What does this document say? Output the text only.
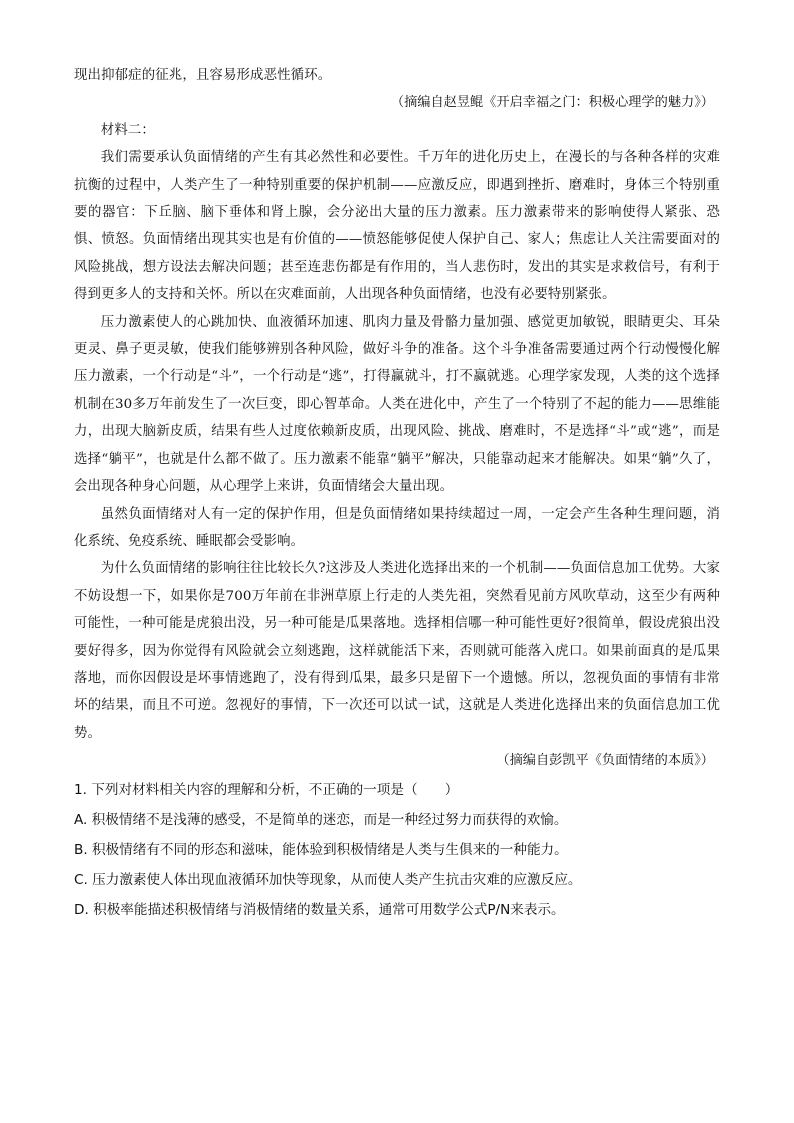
现出抑郁症的征兆，且容易形成恶性循环。

（摘编自赵昱鲲《开启幸福之门：积极心理学的魅力》）

材料二：

我们需要承认负面情绪的产生有其必然性和必要性。千万年的进化历史上，在漫长的与各种各样的灾难抗衡的过程中，人类产生了一种特别重要的保护机制——应激反应，即遇到挫折、磨难时，身体三个特别重要的器官：下丘脑、脑下垂体和肾上腺，会分泌出大量的压力激素。压力激素带来的影响使得人紧张、恐惧、愤怒。负面情绪出现其实也是有价值的——愤怒能够促使人保护自己、家人；焦虑让人关注需要面对的风险挑战，想方设法去解决问题；甚至连悲伤都是有作用的，当人悲伤时，发出的其实是求救信号，有利于得到更多人的支持和关怀。所以在灾难面前，人出现各种负面情绪，也没有必要特别紧张。

压力激素使人的心跳加快、血液循环加速、肌肉力量及骨骼力量加强、感觉更加敏锐，眼睛更尖、耳朵更灵、鼻子更灵敏，使我们能够辨别各种风险，做好斗争的准备。这个斗争准备需要通过两个行动慢慢化解压力激素，一个行动是“斗”，一个行动是“逃”，打得赢就斗，打不赢就逃。心理学家发现，人类的这个选择机制在30多万年前发生了一次巨变，即心智革命。人类在进化中，产生了一个特别了不起的能力——思维能力，出现大脑新皮质，结果有些人过度依赖新皮质，出现风险、挑战、磨难时，不是选择“斗”或“逃”，而是选择“躺平”，也就是什么都不做了。压力激素不能靠“躺平”解决，只能靠动起来才能解决。如果“躺”久了，会出现各种身心问题，从心理学上来讲，负面情绪会大量出现。

虽然负面情绪对人有一定的保护作用，但是负面情绪如果持续超过一周，一定会产生各种生理问题，消化系统、免疫系统、睡眠都会受影响。

为什么负面情绪的影响往往比较长久?这涉及人类进化选择出来的一个机制——负面信息加工优势。大家不妨设想一下，如果你是700万年前在非洲草原上行走的人类先祖，突然看见前方风吹草动，这至少有两种可能性，一种可能是虎狼出没，另一种可能是瓜果落地。选择相信哪一种可能性更好?很简单，假设虎狼出没要好得多，因为你觉得有风险就会立刻逃跑，这样就能活下来，否则就可能落入虎口。如果前面真的是瓜果落地，而你因假设是坏事情逃跑了，没有得到瓜果，最多只是留下一个遗憾。所以，忽视负面的事情有非常坏的结果，而且不可逆。忽视好的事情，下一次还可以试一试，这就是人类进化选择出来的负面信息加工优势。

（摘编自彭凯平《负面情绪的本质》）

1. 下列对材料相关内容的理解和分析，不正确的一项是（　　）

A. 积极情绪不是浅薄的感受，不是简单的迷恋，而是一种经过努力而获得的欢愉。

B. 积极情绪有不同的形态和滋味，能体验到积极情绪是人类与生俱来的一种能力。

C. 压力激素使人体出现血液循环加快等现象，从而使人类产生抗击灾难的应激反应。

D. 积极率能描述积极情绪与消极情绪的数量关系，通常可用数学公式P/N来表示。
